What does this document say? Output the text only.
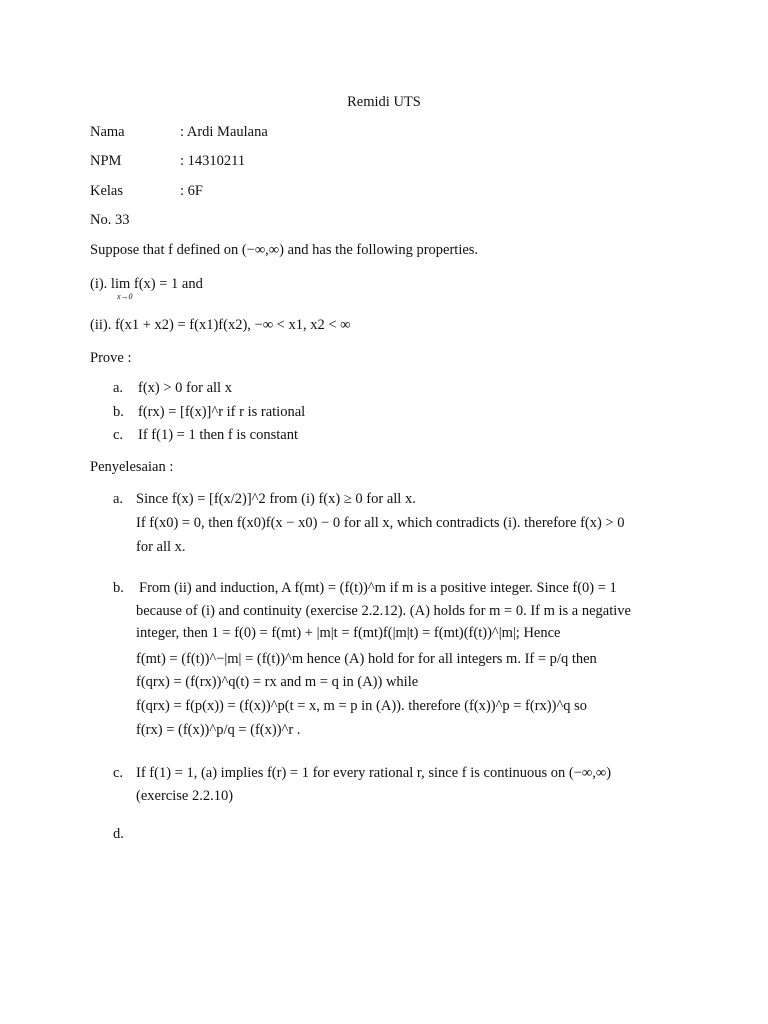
Remidi UTS
Nama	: Ardi Maulana
NPM	: 14310211
Kelas	: 6F
No. 33
Suppose that f defined on (−∞,∞) and has the following properties.
(i). lim f(x) = 1 and
x→0
(ii). f(x1 + x2) = f(x1)f(x2), −∞ < x1, x2 < ∞
Prove :
a. f(x) > 0 for all x
b. f(rx) = [f(x)]^r if r is rational
c. If f(1) = 1 then f is constant
Penyelesaian :
a. Since f(x) = [f(x/2)]^2 from (i) f(x) ≥ 0 for all x.
If f(x0) = 0, then f(x0)f(x − x0) − 0 for all x, which contradicts (i). therefore f(x) > 0
for all x.
b. From (ii) and induction, A f(mt) = (f(t))^m if m is a positive integer. Since f(0) = 1
because of (i) and continuity (exercise 2.2.12). (A) holds for m = 0. If m is a negative
integer, then 1 = f(0) = f(mt) + |m|t = f(mt)f(|m|t) = f(mt)(f(t))^|m|; Hence
f(mt) = (f(t))^−|m| = (f(t))^m hence (A) hold for for all integers m. If = p/q then
f(qrx) = (f(rx))^q(t) = rx and m = q in (A)) while
f(qrx) = f(p(x)) = (f(x))^p(t = x, m = p in (A)). therefore (f(x))^p = f(rx))^q so
f(rx) = (f(x))^p/q = (f(x))^r .
c. If f(1) = 1, (a) implies f(r) = 1 for every rational r, since f is continuous on (−∞,∞)
(exercise 2.2.10)
d.
